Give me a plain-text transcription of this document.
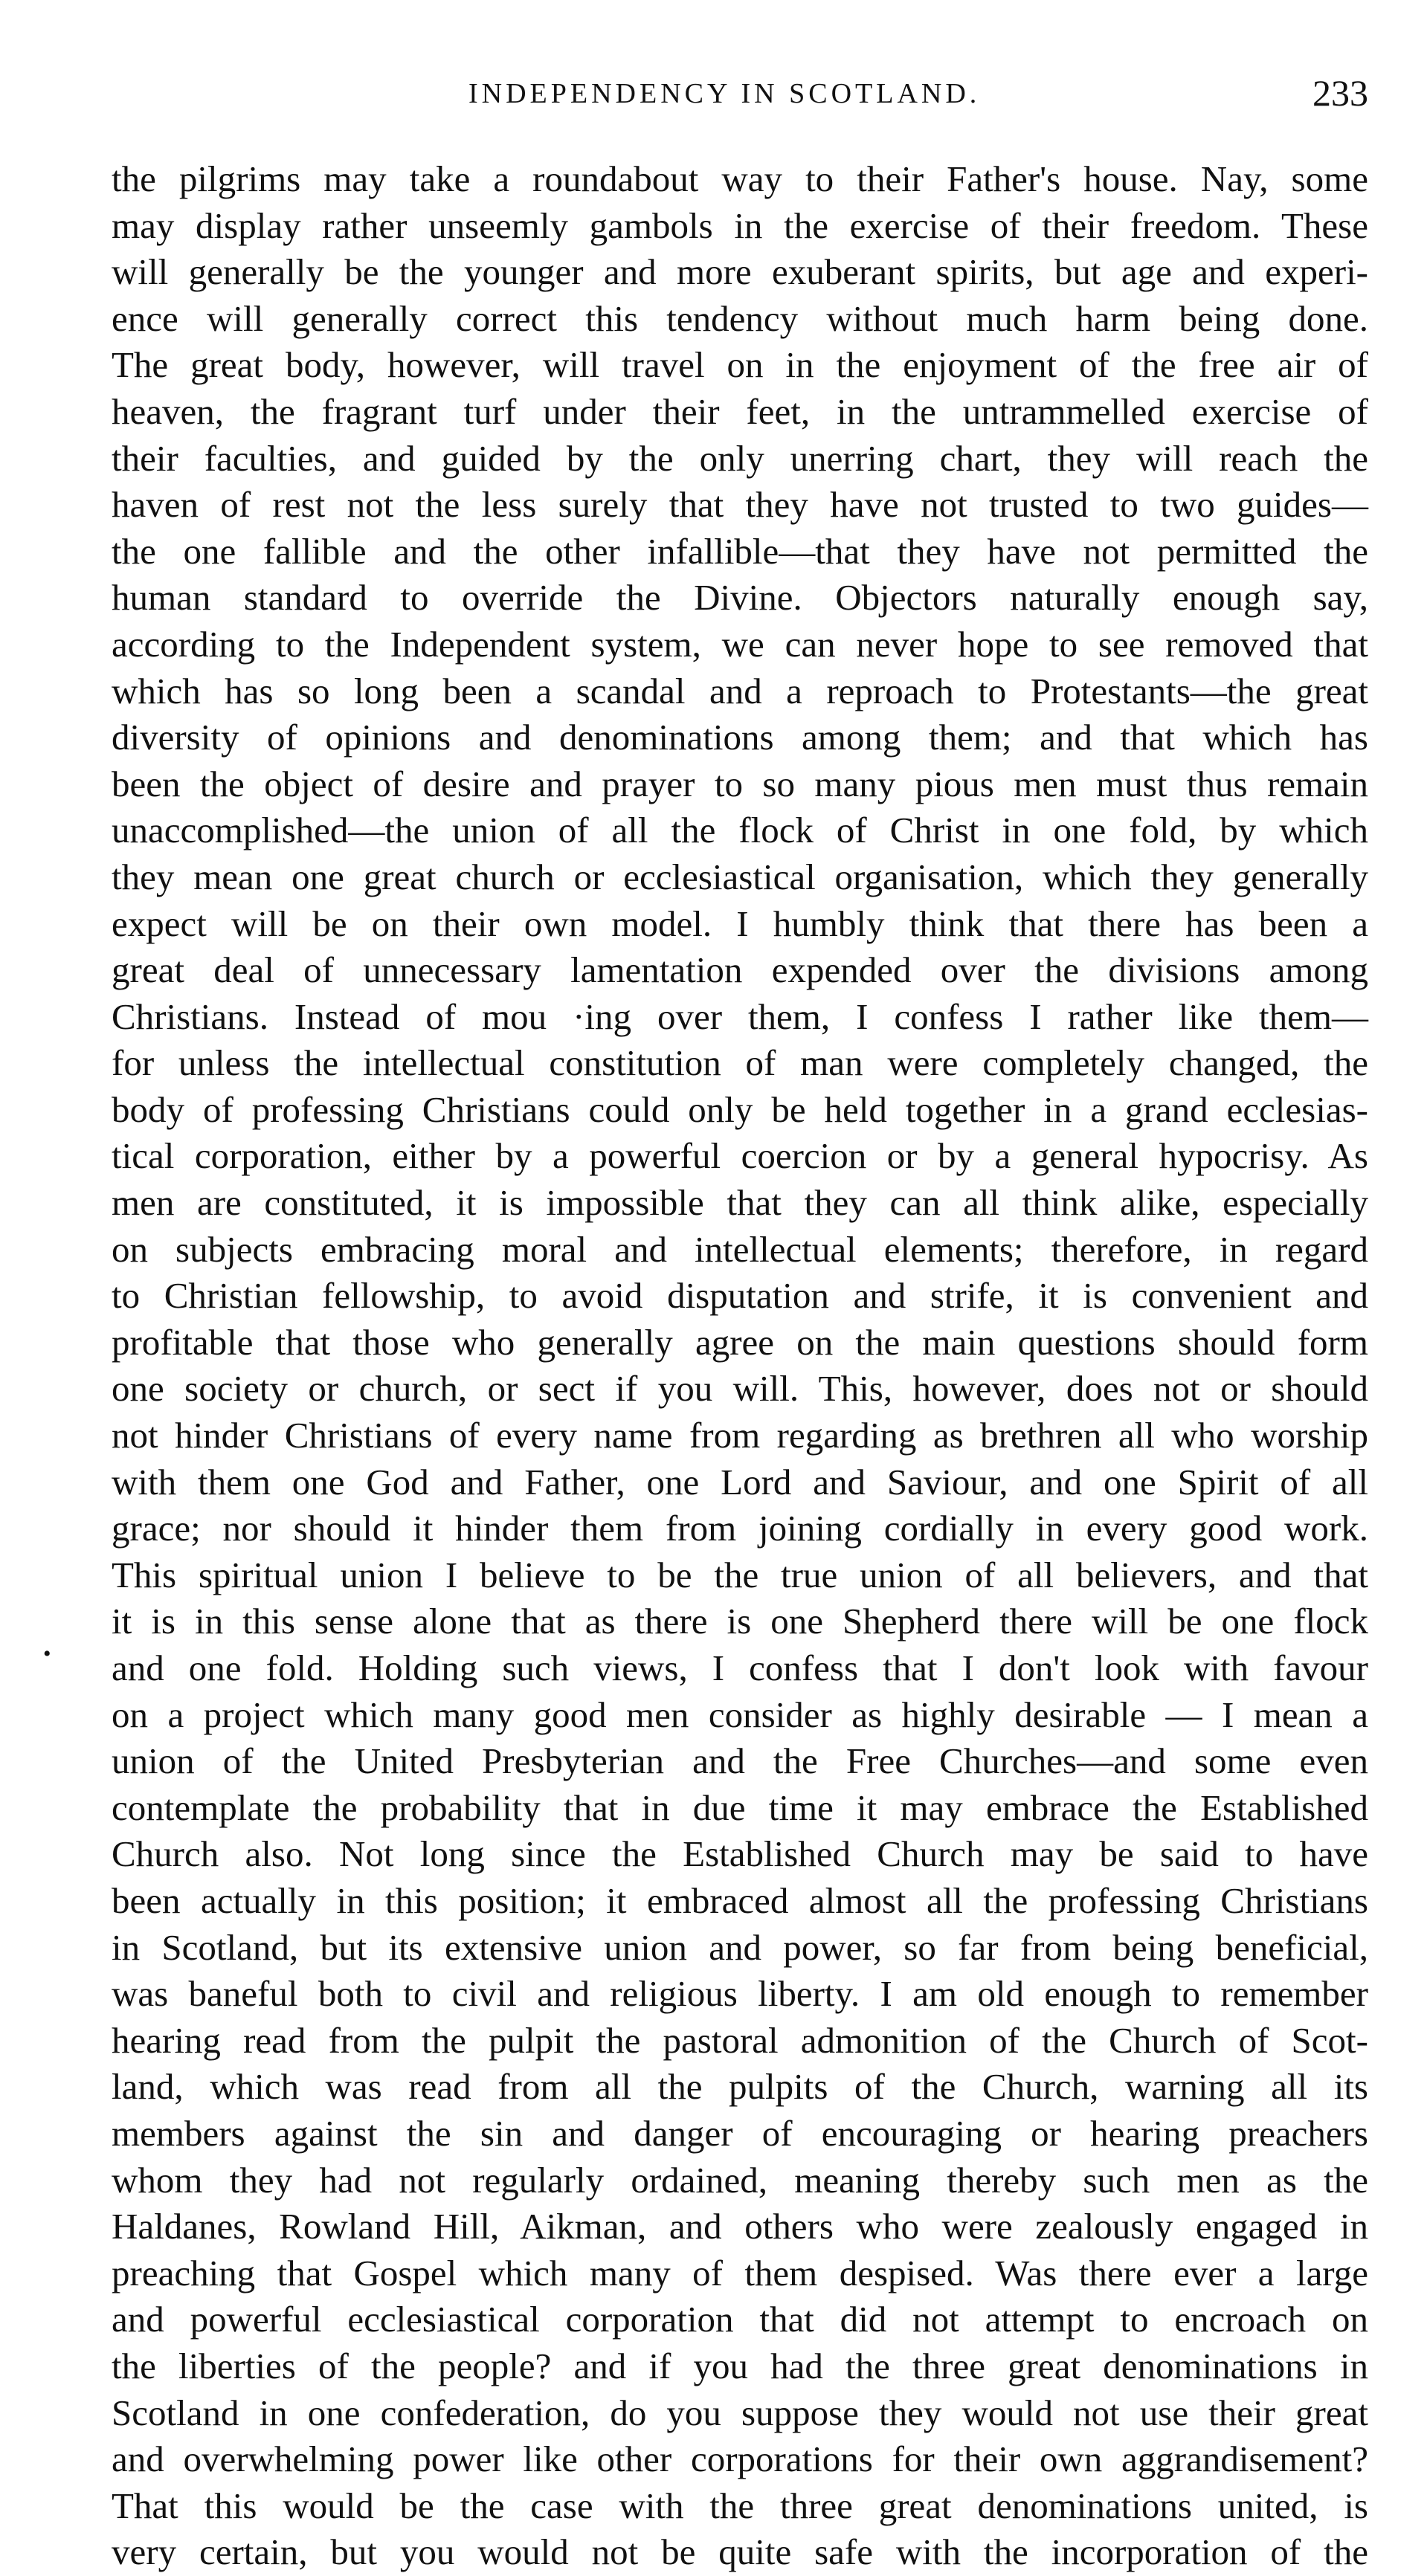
INDEPENDENCY IN SCOTLAND.	233
•
the pilgrims may take a roundabout way to their Father's house. Nay, some
may display rather unseemly gambols in the exercise of their freedom. These
will generally be the younger and more exuberant spirits, but age and experi-
ence will generally correct this tendency without much harm being done.
The great body, however, will travel on in the enjoyment of the free air of
heaven, the fragrant turf under their feet, in the untrammelled exercise of
their faculties, and guided by the only unerring chart, they will reach the
haven of rest not the less surely that they have not trusted to two guides—
the one fallible and the other infallible—that they have not permitted the
human standard to override the Divine. Objectors naturally enough say,
according to the Independent system, we can never hope to see removed that
which has so long been a scandal and a reproach to Protestants—the great
diversity of opinions and denominations among them; and that which has
been the object of desire and prayer to so many pious men must thus remain
unaccomplished—the union of all the flock of Christ in one fold, by which
they mean one great church or ecclesiastical organisation, which they generally
expect will be on their own model. I humbly think that there has been a
great deal of unnecessary lamentation expended over the divisions among
Christians. Instead of mou ·ing over them, I confess I rather like them—
for unless the intellectual constitution of man were completely changed, the
body of professing Christians could only be held together in a grand ecclesias-
tical corporation, either by a powerful coercion or by a general hypocrisy. As
men are constituted, it is impossible that they can all think alike, especially
on subjects embracing moral and intellectual elements; therefore, in regard
to Christian fellowship, to avoid disputation and strife, it is convenient and
profitable that those who generally agree on the main questions should form
one society or church, or sect if you will. This, however, does not or should
not hinder Christians of every name from regarding as brethren all who worship
with them one God and Father, one Lord and Saviour, and one Spirit of all
grace; nor should it hinder them from joining cordially in every good work.
This spiritual union I believe to be the true union of all believers, and that
it is in this sense alone that as there is one Shepherd there will be one flock
and one fold. Holding such views, I confess that I don't look with favour
on a project which many good men consider as highly desirable — I mean a
union of the United Presbyterian and the Free Churches—and some even
contemplate the probability that in due time it may embrace the Established
Church also. Not long since the Established Church may be said to have
been actually in this position; it embraced almost all the professing Christians
in Scotland, but its extensive union and power, so far from being beneficial,
was baneful both to civil and religious liberty. I am old enough to remember
hearing read from the pulpit the pastoral admonition of the Church of Scot-
land, which was read from all the pulpits of the Church, warning all its
members against the sin and danger of encouraging or hearing preachers
whom they had not regularly ordained, meaning thereby such men as the
Haldanes, Rowland Hill, Aikman, and others who were zealously engaged in
preaching that Gospel which many of them despised. Was there ever a large
and powerful ecclesiastical corporation that did not attempt to encroach on
the liberties of the people? and if you had the three great denominations in
Scotland in one confederation, do you suppose they would not use their great
and overwhelming power like other corporations for their own aggrandisement?
That this would be the case with the three great denominations united, is
very certain, but you would not be quite safe with the incorporation of the
